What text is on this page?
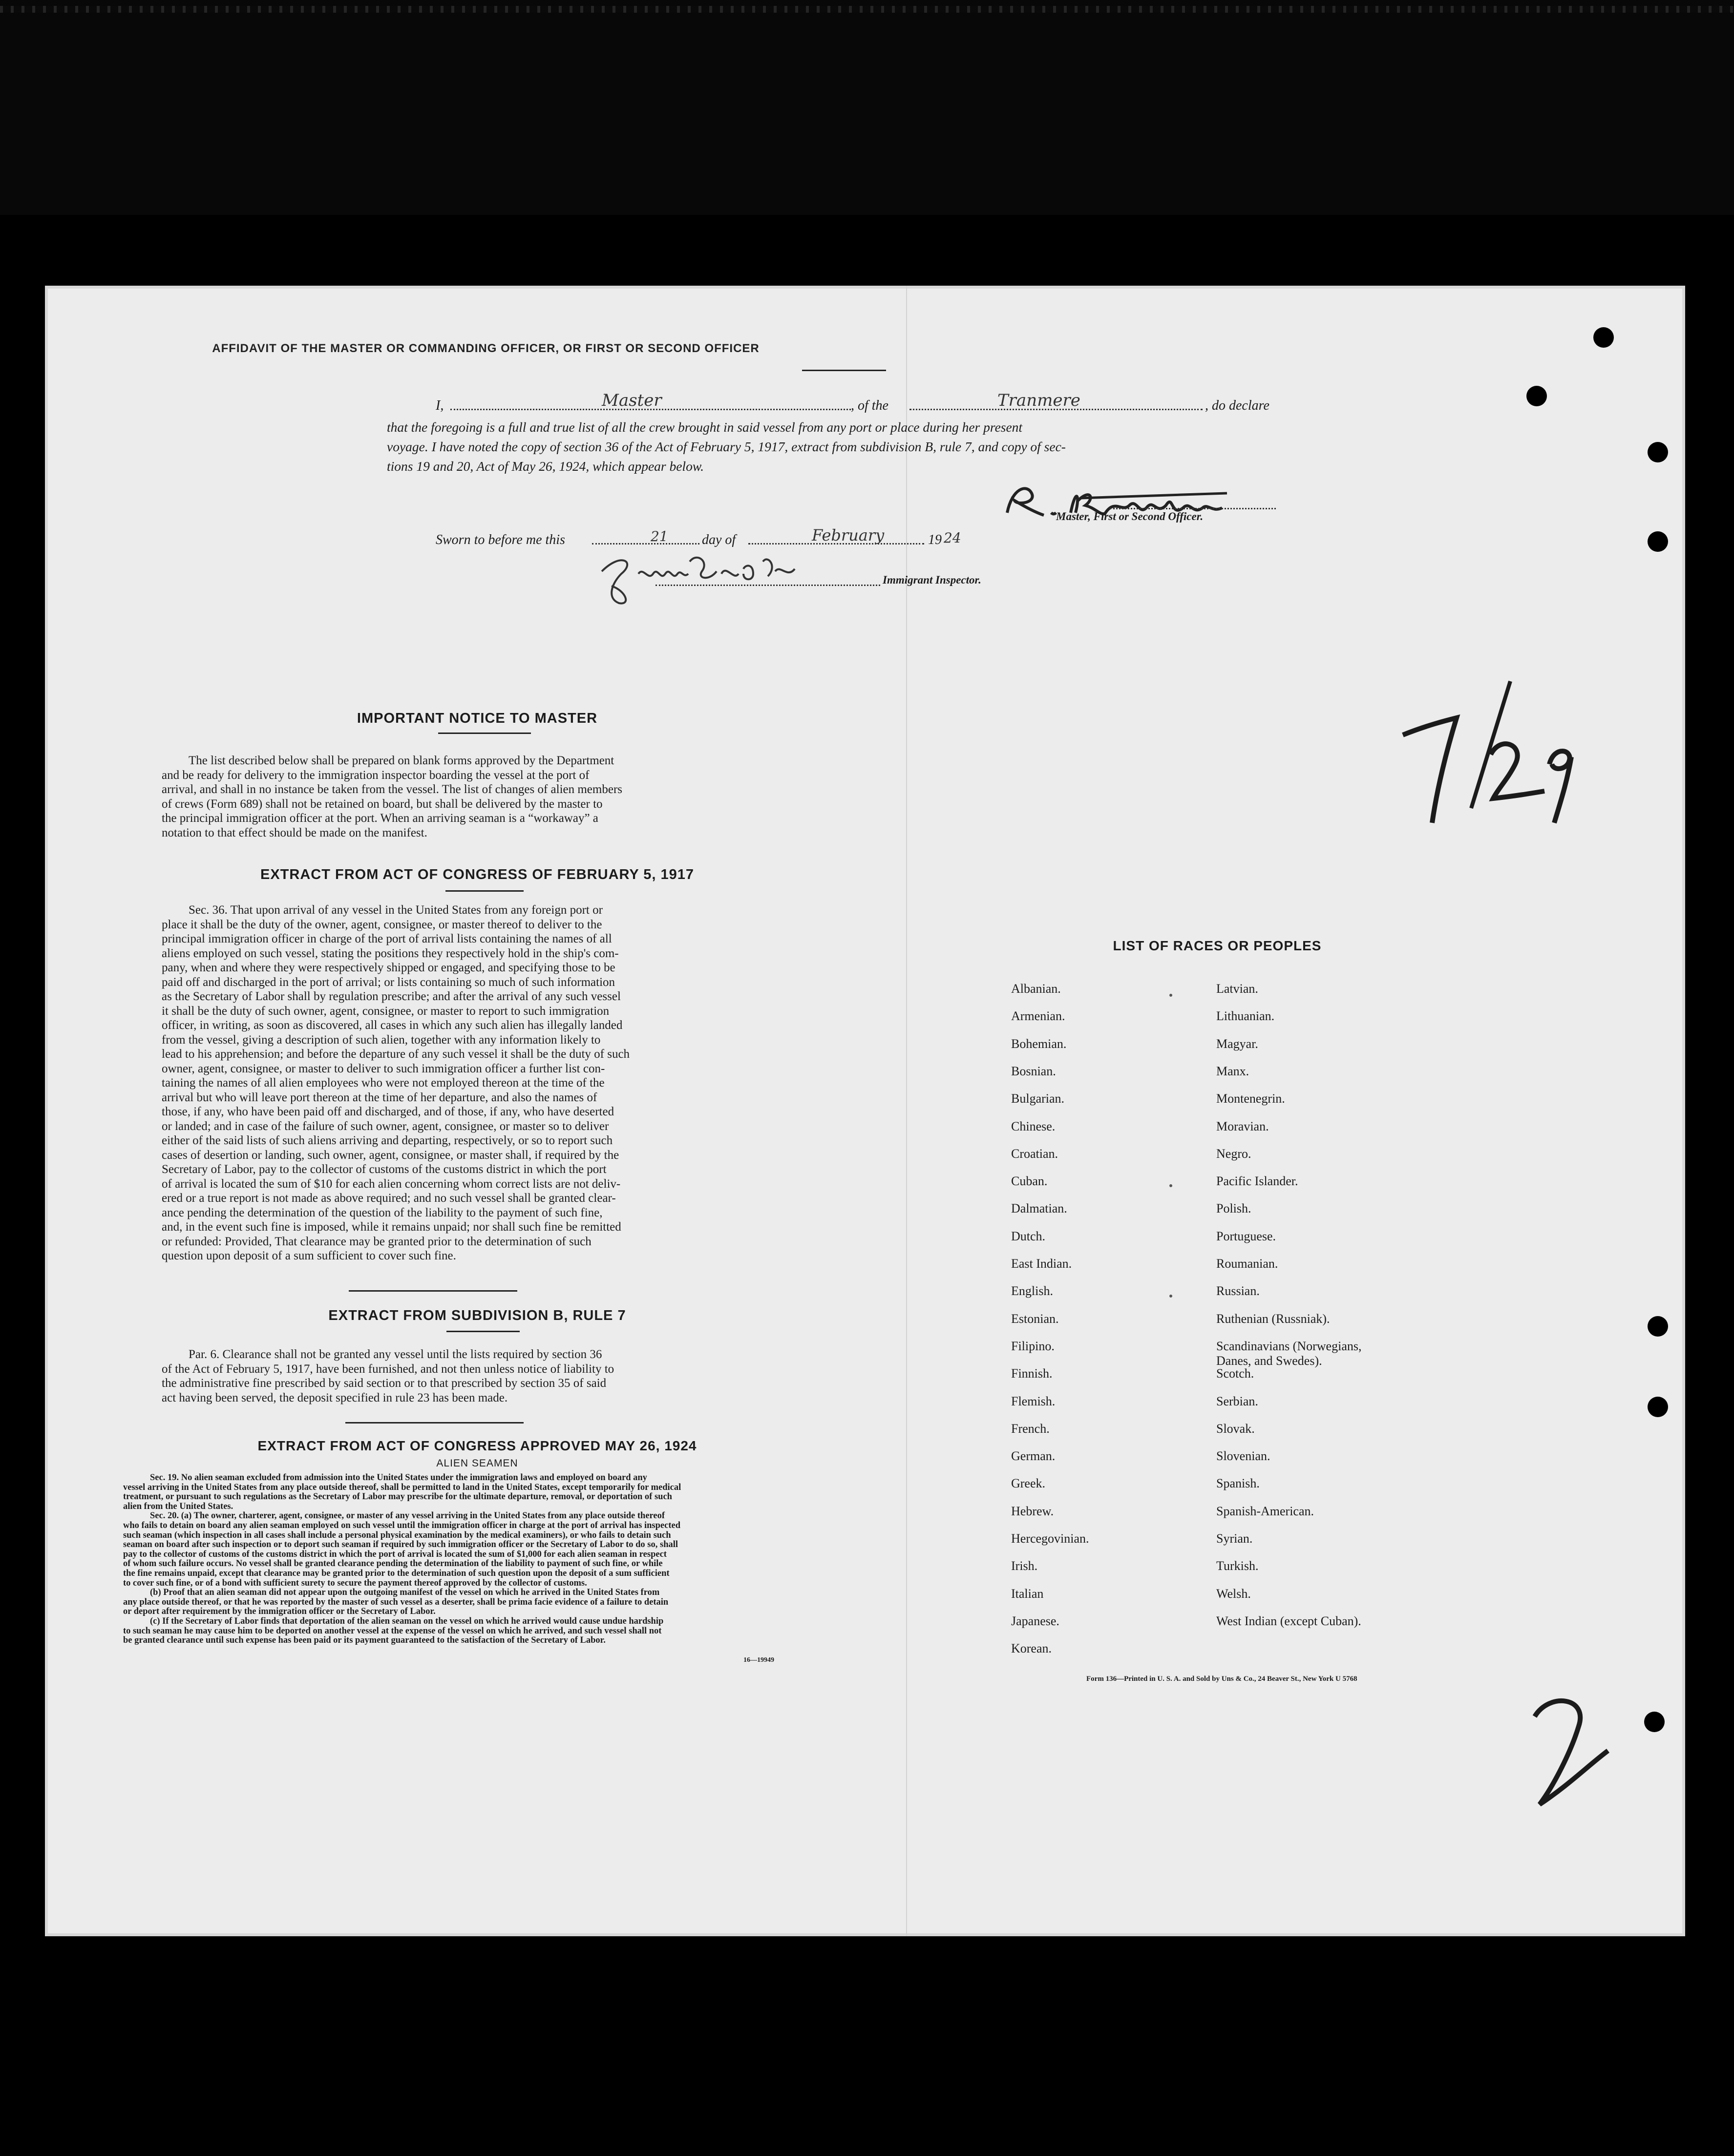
AFFIDAVIT OF THE MASTER OR COMMANDING OFFICER, OR FIRST OR SECOND OFFICER
I,	Master	, of the	Tranmere	, do declare
that the foregoing is a full and true list of all the crew brought in said vessel from any port or place during her present
voyage. I have noted the copy of section 36 of the Act of February 5, 1917, extract from subdivision B, rule 7, and copy of sec-
tions 19 and 20, Act of May 26, 1924, which appear below.
Master, First or Second Officer.
Sworn to before me this	21 day of	February	19 24
Immigrant Inspector.
IMPORTANT NOTICE TO MASTER
The list described below shall be prepared on blank forms approved by the Department
and be ready for delivery to the immigration inspector boarding the vessel at the port of
arrival, and shall in no instance be taken from the vessel. The list of changes of alien members
of crews (Form 689) shall not be retained on board, but shall be delivered by the master to
the principal immigration officer at the port. When an arriving seaman is a “workaway” a
notation to that effect should be made on the manifest.
EXTRACT FROM ACT OF CONGRESS OF FEBRUARY 5, 1917
Sec. 36. That upon arrival of any vessel in the United States from any foreign port or
place it shall be the duty of the owner, agent, consignee, or master thereof to deliver to the
principal immigration officer in charge of the port of arrival lists containing the names of all
aliens employed on such vessel, stating the positions they respectively hold in the ship's com-
pany, when and where they were respectively shipped or engaged, and specifying those to be
paid off and discharged in the port of arrival; or lists containing so much of such information
as the Secretary of Labor shall by regulation prescribe; and after the arrival of any such vessel
it shall be the duty of such owner, agent, consignee, or master to report to such immigration
officer, in writing, as soon as discovered, all cases in which any such alien has illegally landed
from the vessel, giving a description of such alien, together with any information likely to
lead to his apprehension; and before the departure of any such vessel it shall be the duty of such
owner, agent, consignee, or master to deliver to such immigration officer a further list con-
taining the names of all alien employees who were not employed thereon at the time of the
arrival but who will leave port thereon at the time of her departure, and also the names of
those, if any, who have been paid off and discharged, and of those, if any, who have deserted
or landed; and in case of the failure of such owner, agent, consignee, or master so to deliver
either of the said lists of such aliens arriving and departing, respectively, or so to report such
cases of desertion or landing, such owner, agent, consignee, or master shall, if required by the
Secretary of Labor, pay to the collector of customs of the customs district in which the port
of arrival is located the sum of $10 for each alien concerning whom correct lists are not deliv-
ered or a true report is not made as above required; and no such vessel shall be granted clear-
ance pending the determination of the question of the liability to the payment of such fine,
and, in the event such fine is imposed, while it remains unpaid; nor shall such fine be remitted
or refunded: Provided, That clearance may be granted prior to the determination of such
question upon deposit of a sum sufficient to cover such fine.
EXTRACT FROM SUBDIVISION B, RULE 7
Par. 6. Clearance shall not be granted any vessel until the lists required by section 36
of the Act of February 5, 1917, have been furnished, and not then unless notice of liability to
the administrative fine prescribed by said section or to that prescribed by section 35 of said
act having been served, the deposit specified in rule 23 has been made.
EXTRACT FROM ACT OF CONGRESS APPROVED MAY 26, 1924
ALIEN SEAMEN
Sec. 19. No alien seaman excluded from admission into the United States under the immigration laws and employed on board any
vessel arriving in the United States from any place outside thereof, shall be permitted to land in the United States, except temporarily for medical
treatment, or pursuant to such regulations as the Secretary of Labor may prescribe for the ultimate departure, removal, or deportation of such
alien from the United States.
Sec. 20. (a) The owner, charterer, agent, consignee, or master of any vessel arriving in the United States from any place outside thereof
who fails to detain on board any alien seaman employed on such vessel until the immigration officer in charge at the port of arrival has inspected
such seaman (which inspection in all cases shall include a personal physical examination by the medical examiners), or who fails to detain such
seaman on board after such inspection or to deport such seaman if required by such immigration officer or the Secretary of Labor to do so, shall
pay to the collector of customs of the customs district in which the port of arrival is located the sum of $1,000 for each alien seaman in respect
of whom such failure occurs. No vessel shall be granted clearance pending the determination of the liability to payment of such fine, or while
the fine remains unpaid, except that clearance may be granted prior to the determination of such question upon the deposit of a sum sufficient
to cover such fine, or of a bond with sufficient surety to secure the payment thereof approved by the collector of customs.
(b) Proof that an alien seaman did not appear upon the outgoing manifest of the vessel on which he arrived in the United States from
any place outside thereof, or that he was reported by the master of such vessel as a deserter, shall be prima facie evidence of a failure to detain
or deport after requirement by the immigration officer or the Secretary of Labor.
(c) If the Secretary of Labor finds that deportation of the alien seaman on the vessel on which he arrived would cause undue hardship
to such seaman he may cause him to be deported on another vessel at the expense of the vessel on which he arrived, and such vessel shall not
be granted clearance until such expense has been paid or its payment guaranteed to the satisfaction of the Secretary of Labor.
16—19949
LIST OF RACES OR PEOPLES
Albanian.
Armenian.
Bohemian.
Bosnian.
Bulgarian.
Chinese.
Croatian.
Cuban.
Dalmatian.
Dutch.
East Indian.
English.
Estonian.
Filipino.
Finnish.
Flemish.
French.
German.
Greek.
Hebrew.
Hercegovinian.
Irish.
Italian
Japanese.
Korean.
Latvian.
Lithuanian.
Magyar.
Manx.
Montenegrin.
Moravian.
Negro.
Pacific Islander.
Polish.
Portuguese.
Roumanian.
Russian.
Ruthenian (Russniak).
Scandinavians (Norwegians,
Danes, and Swedes).
Scotch.
Serbian.
Slovak.
Slovenian.
Spanish.
Spanish-American.
Syrian.
Turkish.
Welsh.
West Indian (except Cuban).
Form 136—Printed in U. S. A. and Sold by Uns & Co., 24 Beaver St., New York U 5768
